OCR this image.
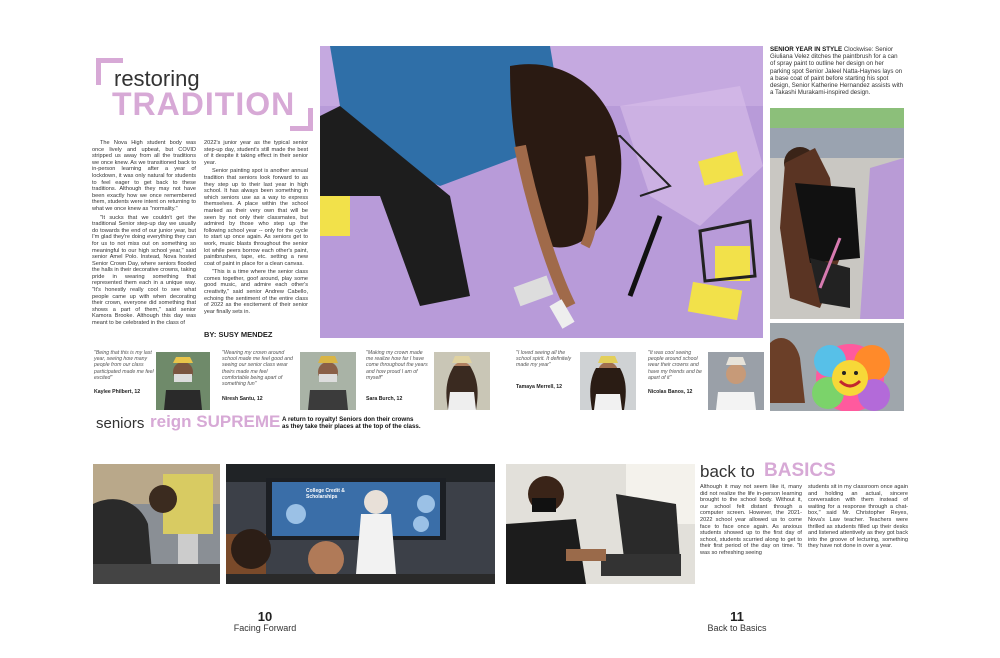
restoring
TRADITION

The Nova High student body was once lively and upbeat, but COVID stripped us away from all the traditions we once knew. As we transitioned back to in-person learning after a year of lockdown, it was only natural for students to feel eager to get back to these traditions. Although they may not have been exactly how we once remembered them, students were intent on returning to what we once knew as "normality."

"It sucks that we couldn't get the traditional Senior step-up day we usually do towards the end of our junior year, but I'm glad they're doing everything they can for us to not miss out on something so meaningful to our high school year," said senior Amel Polo. Instead, Nova hosted Senior Crown Day, where seniors flooded the halls in their decorative crowns, taking pride in wearing something that represented them each in a unique way. "It's honestly really cool to see what people came up with when decorating their crown, everyone did something that shows a part of them," said senior Kamora Brooke. Although this day was meant to be celebrated in the class of

2022's junior year as the typical senior step-up day, student's still made the best of it despite it taking effect in their senior year.

Senior painting spot is another annual tradition that seniors look forward to as they step up to their last year in high school. It has always been something in which seniors use as a way to express themselves. A place within the school marked as their very own that will be seen by not only their classmates, but admired by those who step up the following school year -- only for the cycle to start up once again. As seniors get to work, music blasts throughout the senior lot while peers borrow each other's paint, paintbrushes, tape, etc. setting a new coat of paint in place for a clean canvas.

"This is a time where the senior class comes together, goof around, play some good music, and admire each other's creativity," said senior Andrew Cabello, echoing the sentiment of the entire class of 2022 as the excitement of their senior year finally sets in.

BY: SUSY MENDEZ
"Being that this is my last year, seeing how many people from our class participated made me feel excited"
Kaylee Philbert, 12
"Wearing my crown around school made me feel good and seeing our senior class wear theirs made me feel comfortable being apart of something fun"
Niresh Santu, 12
"Making my crown made me realize how far I have come throughout the years and how proud I am of myself"
Sara Burch, 12
seniors reign SUPREME A return to royalty! Seniors don their crowns as they take their places at the top of the class.
College Credit & Scholarships
10
Facing Forward
SENIOR YEAR IN STYLE Clockwise: Senior Giuliana Velez ditches the paintbrush for a can of spray paint to outline her design on her parking spot Senior Jaleel Natta-Haynes lays on a base coat of paint before starting his spot design, Senior Katherine Hernandez assists with a Takashi Murakami-inspired design.
"I loved seeing all the school spirit. It definitely made my year"
Tamaya Merrell, 12
"It was cool seeing people around school wear their crowns and have my friends and be apart of it"
Nicolas Banos, 12
back to BASICS
Although it may not seem like it, many did not realize the life in-person learning brought to the school body. Without it, our school felt distant through a computer screen. However, the 2021-2022 school year allowed us to come face to face once again. As anxious students showed up to the first day of school, students scurried along to get to their first period of the day on time. "It was so refreshing seeing
students sit in my classroom once again and holding an actual, sincere conversation with them instead of waiting for a response through a chat-box," said Mr. Christopher Reyes, Nova's Law teacher. Teachers were thrilled as students filled up their desks and listened attentively as they got back into the groove of lecturing, something they have not done in over a year.
11
Back to Basics
